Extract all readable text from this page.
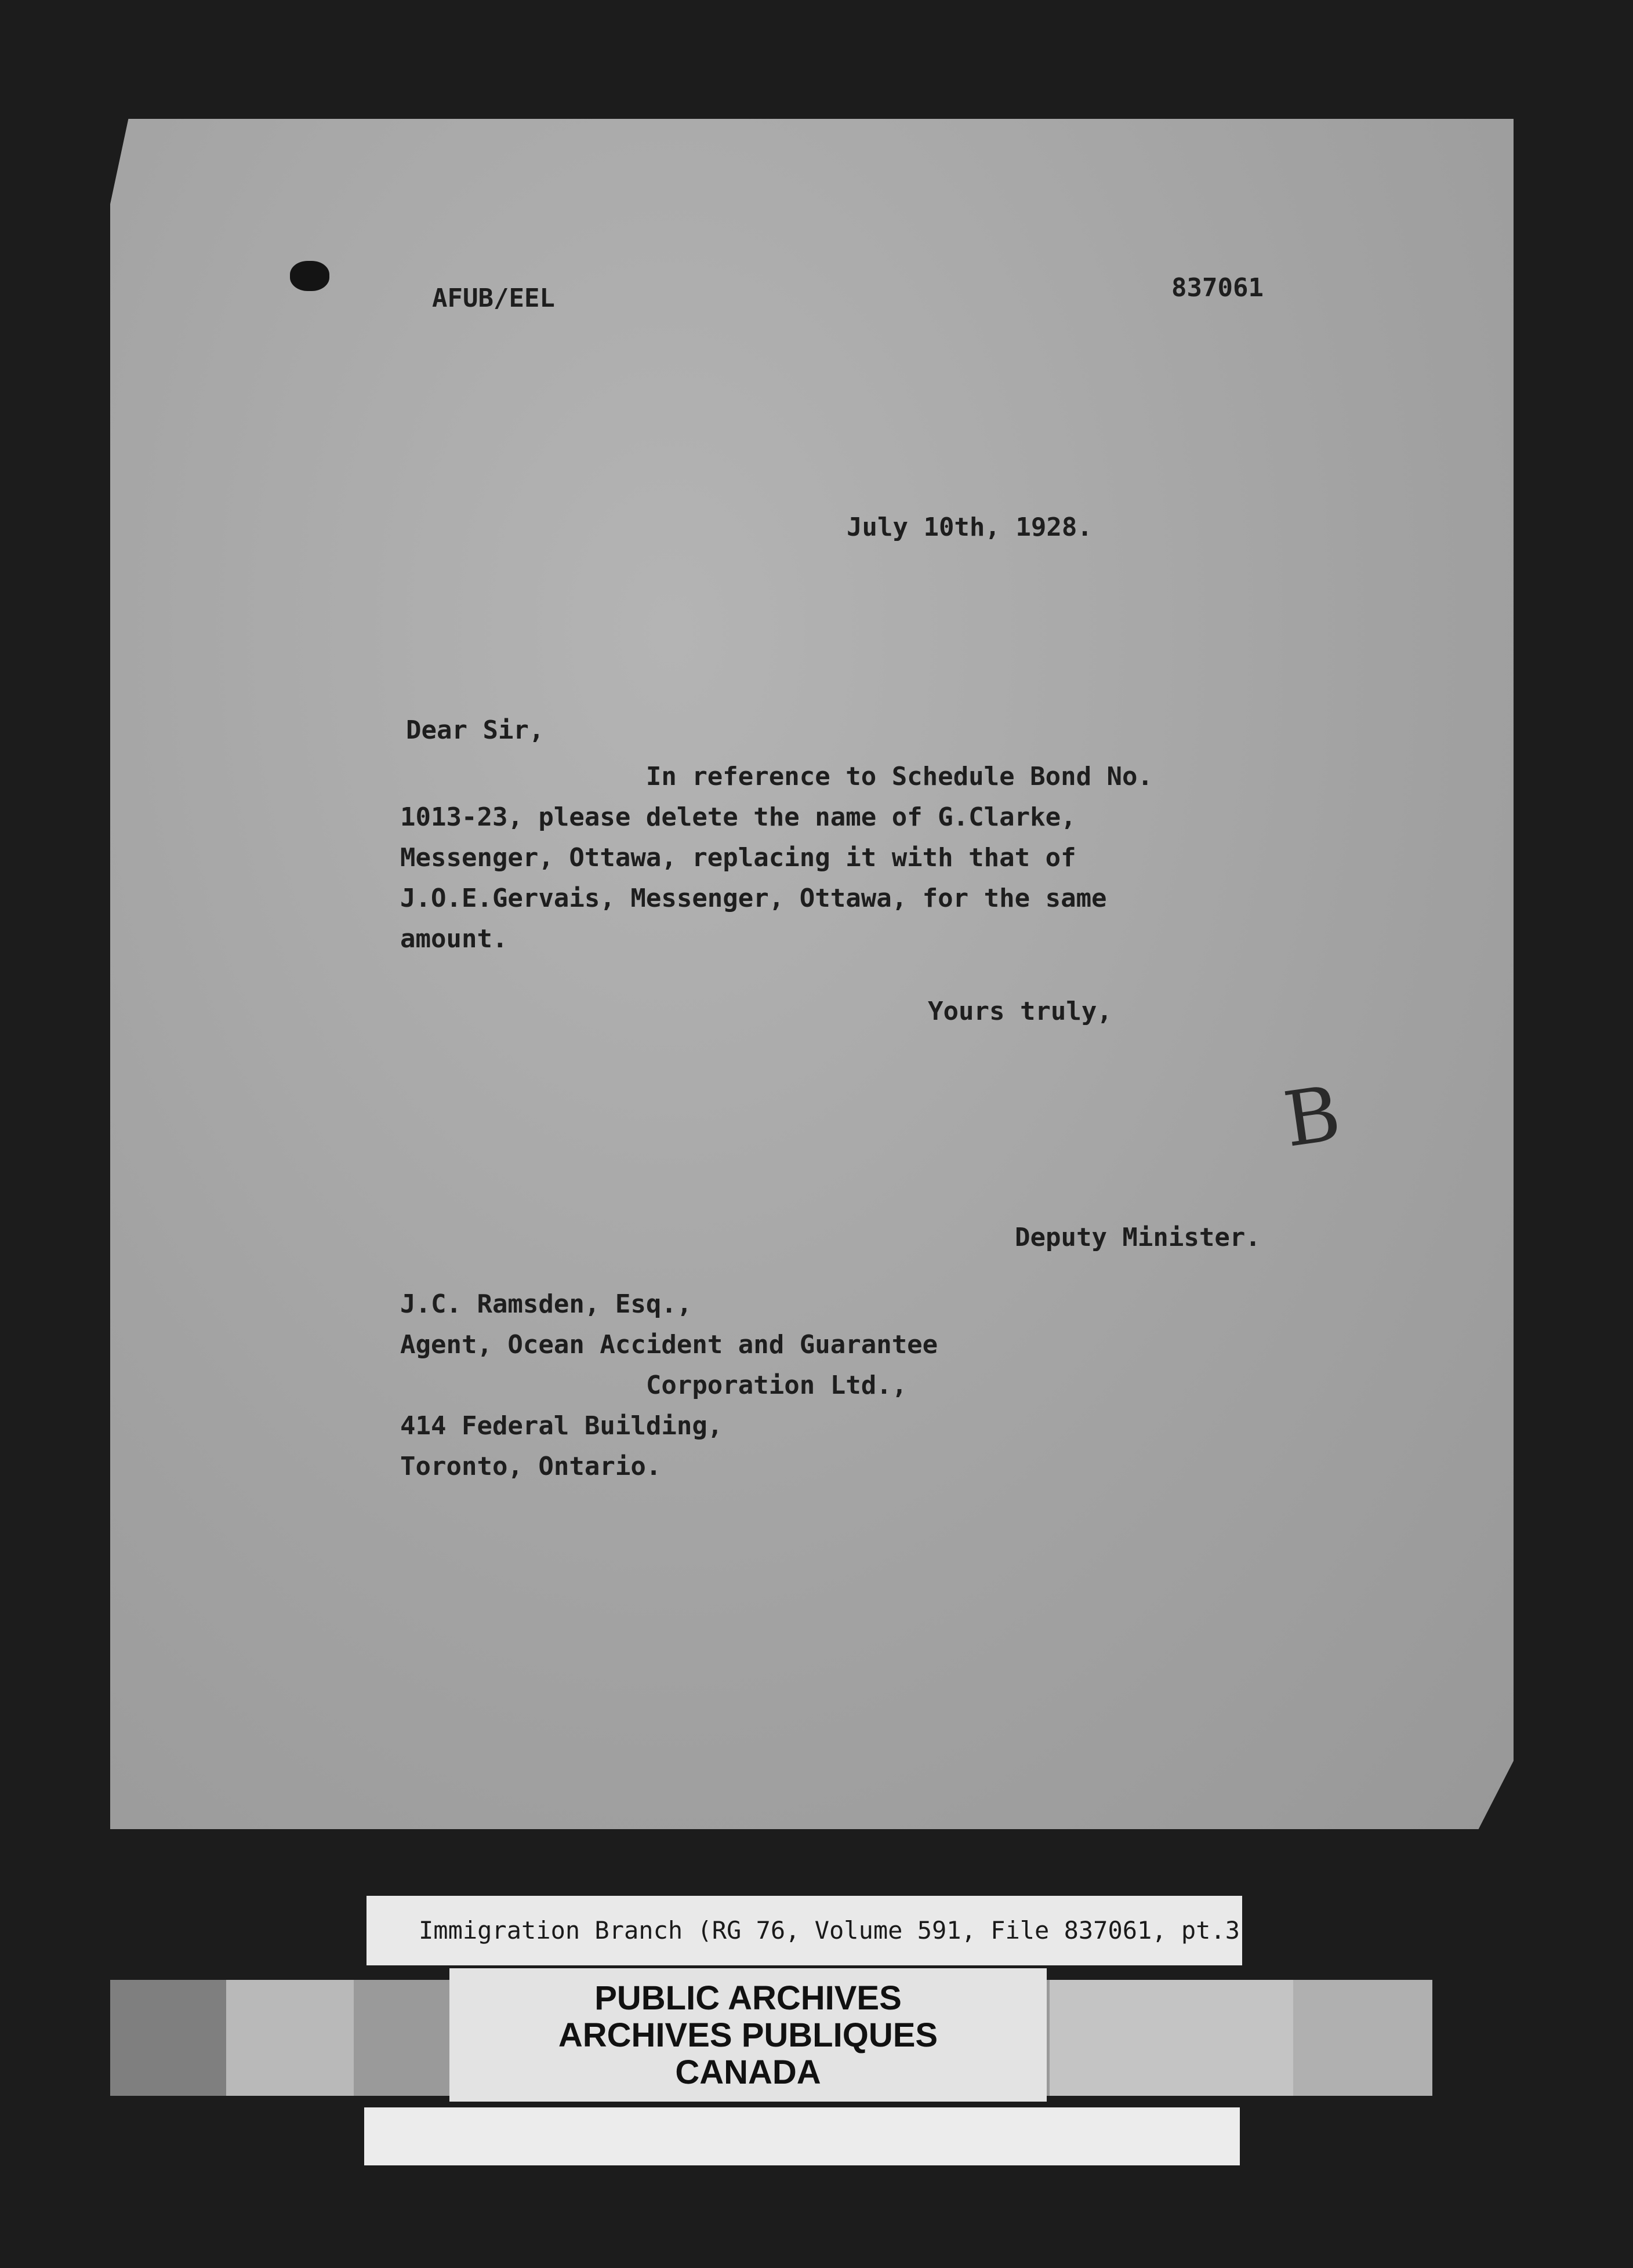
AFUB/EEL	837061
July 10th, 1928.
Dear Sir,
In reference to Schedule Bond No.
1013-23, please delete the name of G.Clarke,
Messenger, Ottawa, replacing it with that of
J.O.E.Gervais, Messenger, Ottawa, for the same
amount.
Yours truly,
B
Deputy Minister.
J.C. Ramsden, Esq.,
Agent, Ocean Accident and Guarantee
Corporation Ltd.,
414 Federal Building,
Toronto, Ontario.
Immigration Branch (RG 76, Volume 591, File 837061, pt.3
PUBLIC ARCHIVES
ARCHIVES PUBLIQUES
CANADA
